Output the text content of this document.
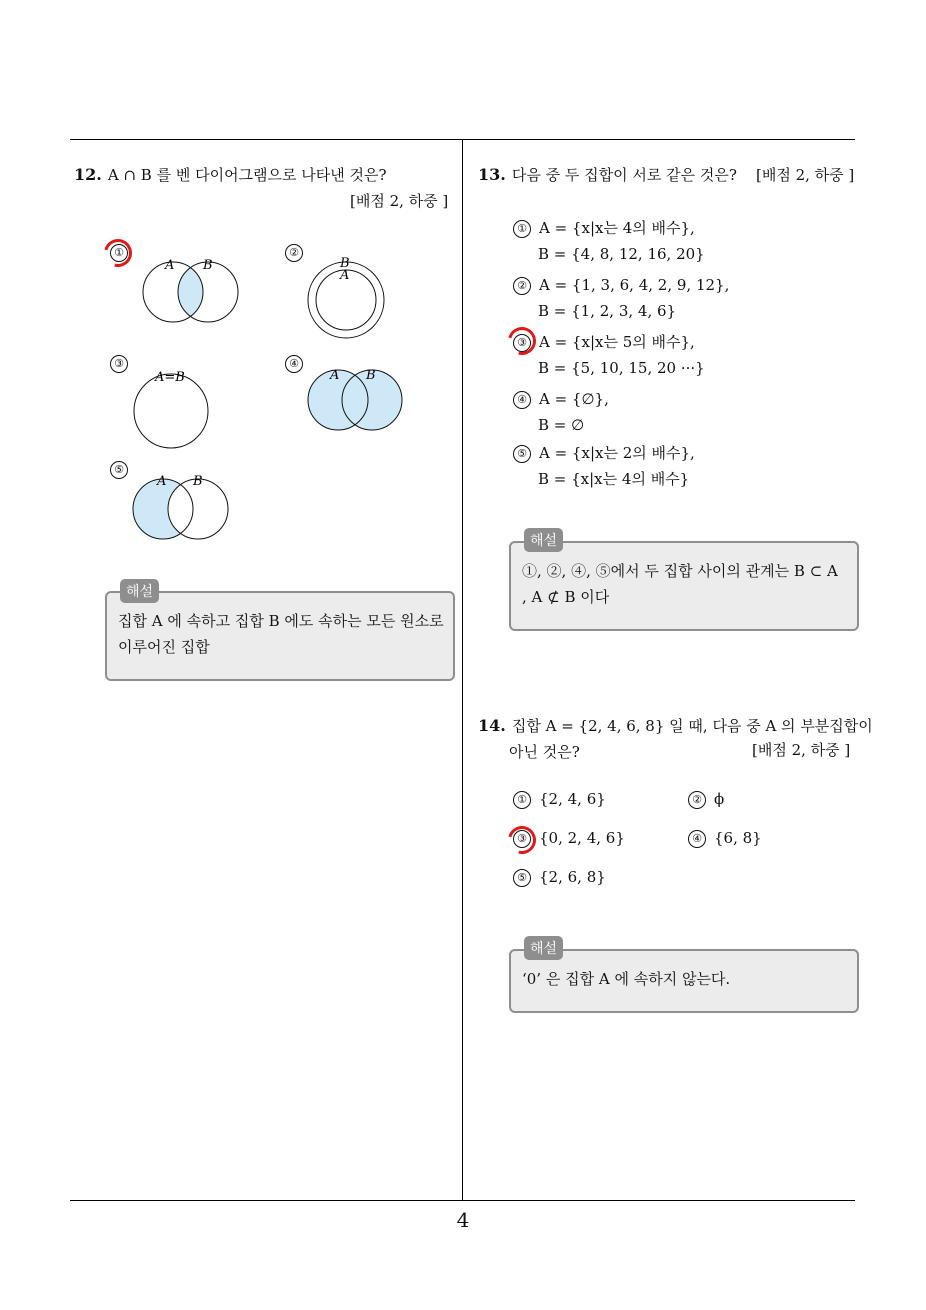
12. A ∩ B 를 벤 다이어그램으로 나타낸 것은?
[배점 2, 하중 ]
①
A B
②
B
A
③
A=B
④
A B
⑤
A B
해설
집합 A 에 속하고 집합 B 에도 속하는 모든 원소로
이루어진 집합
13. 다음 중 두 집합이 서로 같은 것은? [배점 2, 하중 ]
① A = {x|x는 4의 배수},
B = {4, 8, 12, 16, 20}
② A = {1, 3, 6, 4, 2, 9, 12},
B = {1, 2, 3, 4, 6}
③ A = {x|x는 5의 배수},
B = {5, 10, 15, 20 ···}
④ A = {∅},
B = ∅
⑤ A = {x|x는 2의 배수},
B = {x|x는 4의 배수}
해설
①, ②, ④, ⑤에서 두 집합 사이의 관계는 B ⊂ A
, A ⊄ B 이다
14. 집합 A = {2, 4, 6, 8} 일 때, 다음 중 A 의 부분집합이
아닌 것은?	[배점 2, 하중 ]
① {2, 4, 6}	② ϕ
③ {0, 2, 4, 6}	④ {6, 8}
⑤ {2, 6, 8}
해설
‘0’ 은 집합 A 에 속하지 않는다.
4
